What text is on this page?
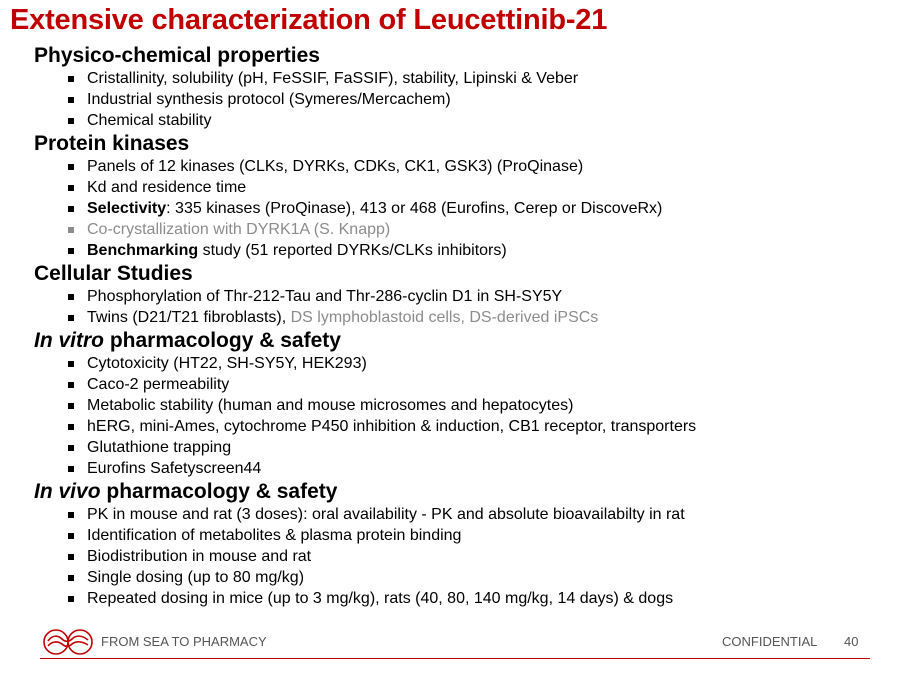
Extensive characterization of Leucettinib-21
Physico-chemical properties
Cristallinity, solubility (pH, FeSSIF, FaSSIF), stability, Lipinski & Veber
Industrial synthesis protocol (Symeres/Mercachem)
Chemical stability
Protein kinases
Panels of 12 kinases (CLKs, DYRKs, CDKs, CK1, GSK3) (ProQinase)
Kd and residence time
Selectivity: 335 kinases (ProQinase), 413 or 468 (Eurofins, Cerep or DiscoveRx)
Co-crystallization with DYRK1A (S. Knapp)
Benchmarking study (51 reported DYRKs/CLKs inhibitors)
Cellular Studies
Phosphorylation of Thr-212-Tau and Thr-286-cyclin D1 in SH-SY5Y
Twins (D21/T21 fibroblasts), DS lymphoblastoid cells, DS-derived iPSCs
In vitro pharmacology & safety
Cytotoxicity (HT22, SH-SY5Y, HEK293)
Caco-2 permeability
Metabolic stability (human and mouse microsomes and hepatocytes)
hERG, mini-Ames, cytochrome P450 inhibition & induction, CB1 receptor, transporters
Glutathione trapping
Eurofins Safetyscreen44
In vivo pharmacology & safety
PK in mouse and rat (3 doses): oral availability - PK and absolute bioavailabilty in rat
Identification of metabolites & plasma protein binding
Biodistribution in mouse and rat
Single dosing (up to 80 mg/kg)
Repeated dosing in mice (up to 3 mg/kg), rats (40, 80, 140 mg/kg, 14 days) & dogs
FROM SEA TO PHARMACY	CONFIDENTIAL 40
